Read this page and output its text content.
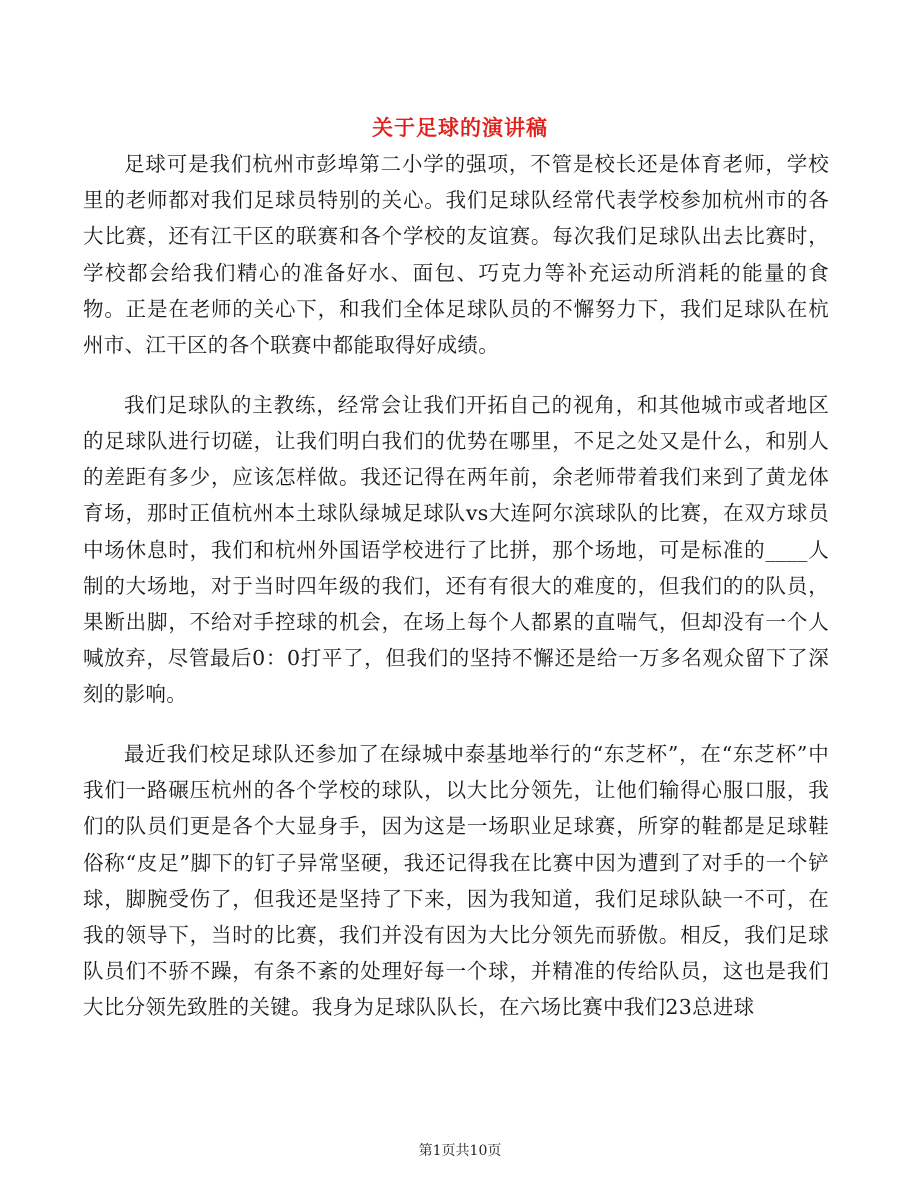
关于足球的演讲稿

足球可是我们杭州市彭埠第二小学的强项，不管是校长还是体育老师，学校里的老师都对我们足球员特别的关心。我们足球队经常代表学校参加杭州市的各大比赛，还有江干区的联赛和各个学校的友谊赛。每次我们足球队出去比赛时，学校都会给我们精心的准备好水、面包、巧克力等补充运动所消耗的能量的食物。正是在老师的关心下，和我们全体足球队员的不懈努力下，我们足球队在杭州市、江干区的各个联赛中都能取得好成绩。

我们足球队的主教练，经常会让我们开拓自己的视角，和其他城市或者地区的足球队进行切磋，让我们明白我们的优势在哪里，不足之处又是什么，和别人的差距有多少，应该怎样做。我还记得在两年前，余老师带着我们来到了黄龙体育场，那时正值杭州本土球队绿城足球队vs大连阿尔滨球队的比赛，在双方球员中场休息时，我们和杭州外国语学校进行了比拼，那个场地，可是标准的____人制的大场地，对于当时四年级的我们，还有有很大的难度的，但我们的的队员，果断出脚，不给对手控球的机会，在场上每个人都累的直喘气，但却没有一个人喊放弃，尽管最后0：0打平了，但我们的坚持不懈还是给一万多名观众留下了深刻的影响。

最近我们校足球队还参加了在绿城中泰基地举行的“东芝杯”，在“东芝杯”中我们一路碾压杭州的各个学校的球队，以大比分领先，让他们输得心服口服，我们的队员们更是各个大显身手，因为这是一场职业足球赛，所穿的鞋都是足球鞋俗称“皮足”脚下的钉子异常坚硬，我还记得我在比赛中因为遭到了对手的一个铲球，脚腕受伤了，但我还是坚持了下来，因为我知道，我们足球队缺一不可，在我的领导下，当时的比赛，我们并没有因为大比分领先而骄傲。相反，我们足球队员们不骄不躁，有条不紊的处理好每一个球，并精准的传给队员，这也是我们大比分领先致胜的关键。我身为足球队队长，在六场比赛中我们23总进球

第1页共10页
